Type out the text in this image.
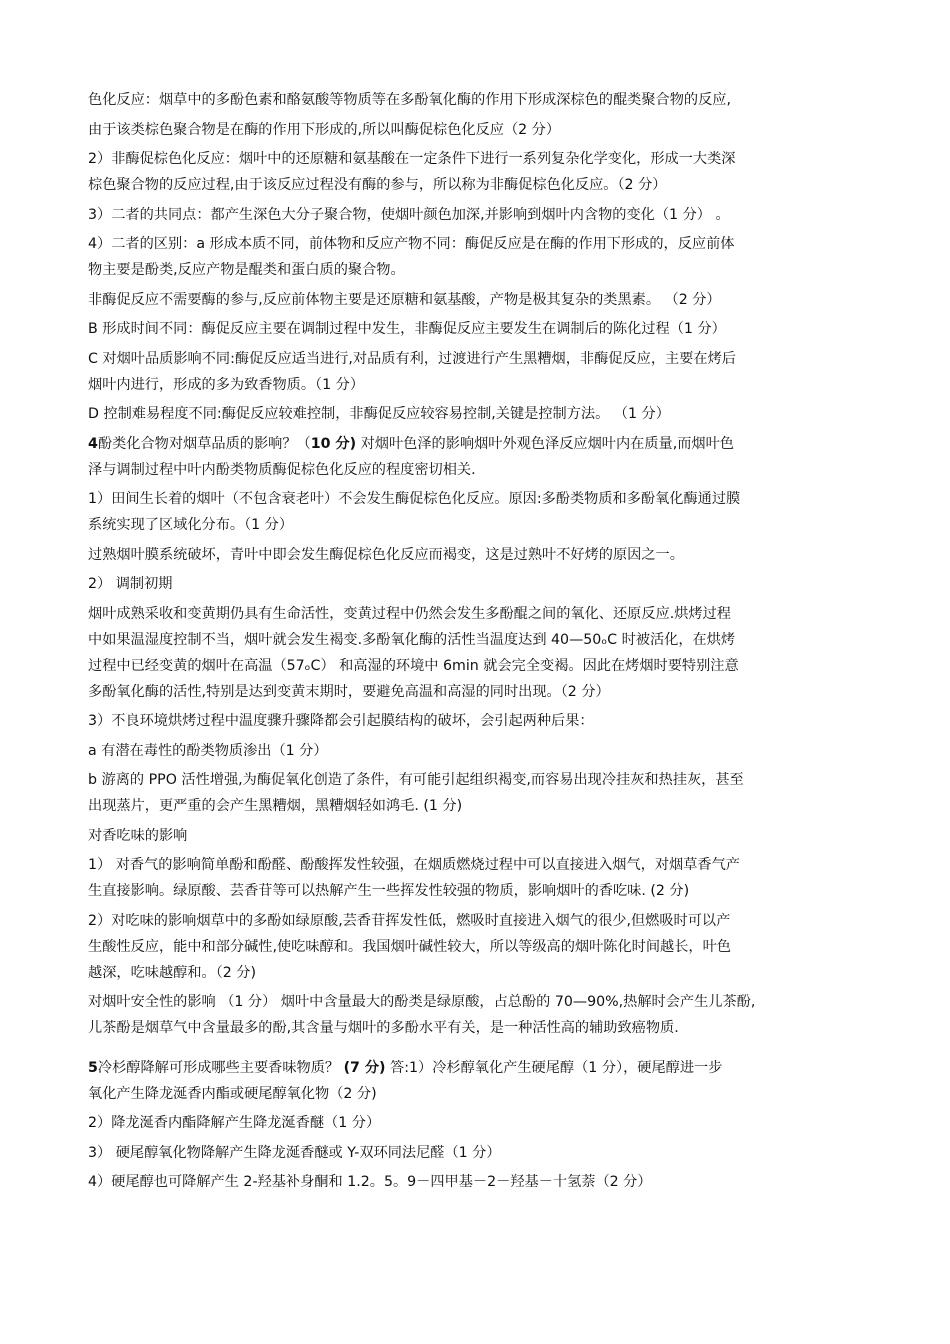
色化反应：烟草中的多酚色素和酪氨酸等物质等在多酚氧化酶的作用下形成深棕色的醌类聚合物的反应,
由于该类棕色聚合物是在酶的作用下形成的,所以叫酶促棕色化反应（2 分）
2）非酶促棕色化反应：烟叶中的还原糖和氨基酸在一定条件下进行一系列复杂化学变化，形成一大类深
棕色聚合物的反应过程,由于该反应过程没有酶的参与，所以称为非酶促棕色化反应。（2 分）
3）二者的共同点：都产生深色大分子聚合物，使烟叶颜色加深,并影响到烟叶内含物的变化（1 分） 。
4）二者的区别：a 形成本质不同，前体物和反应产物不同：酶促反应是在酶的作用下形成的，反应前体
物主要是酚类,反应产物是醌类和蛋白质的聚合物。
非酶促反应不需要酶的参与,反应前体物主要是还原糖和氨基酸，产物是极其复杂的类黑素。 （2 分）
B 形成时间不同：酶促反应主要在调制过程中发生，非酶促反应主要发生在调制后的陈化过程（1 分）
C 对烟叶品质影响不同:酶促反应适当进行,对品质有利，过渡进行产生黑糟烟，非酶促反应，主要在烤后
烟叶内进行，形成的多为致香物质。（1 分）
D 控制难易程度不同:酶促反应较难控制，非酶促反应较容易控制,关键是控制方法。 （1 分）
4酚类化合物对烟草品质的影响？（10 分) 对烟叶色泽的影响烟叶外观色泽反应烟叶内在质量,而烟叶色
泽与调制过程中叶内酚类物质酶促棕色化反应的程度密切相关.
1）田间生长着的烟叶（不包含衰老叶）不会发生酶促棕色化反应。原因:多酚类物质和多酚氧化酶通过膜
系统实现了区域化分布。（1 分）
过熟烟叶膜系统破坏，青叶中即会发生酶促棕色化反应而褐变，这是过熟叶不好烤的原因之一。
2） 调制初期
烟叶成熟采收和变黄期仍具有生命活性，变黄过程中仍然会发生多酚醌之间的氧化、还原反应.烘烤过程
中如果温湿度控制不当，烟叶就会发生褐变.多酚氧化酶的活性当温度达到 40—50ₒC 时被活化，在烘烤
过程中已经变黄的烟叶在高温（57ₒC） 和高湿的环境中 6min 就会完全变褐。因此在烤烟时要特别注意
多酚氧化酶的活性,特别是达到变黄末期时，要避免高温和高湿的同时出现。（2 分）
3）不良环境烘烤过程中温度骤升骤降都会引起膜结构的破坏，会引起两种后果：
a 有潜在毒性的酚类物质渗出（1 分）
b 游离的 PPO 活性增强,为酶促氧化创造了条件，有可能引起组织褐变,而容易出现冷挂灰和热挂灰，甚至
出现蒸片，更严重的会产生黑糟烟，黑糟烟轻如鸿毛. (1 分)
对香吃味的影响
1） 对香气的影响简单酚和酚醛、酚酸挥发性较强，在烟质燃烧过程中可以直接进入烟气，对烟草香气产
生直接影响。绿原酸、芸香苷等可以热解产生一些挥发性较强的物质，影响烟叶的香吃味. (2 分)
2）对吃味的影响烟草中的多酚如绿原酸,芸香苷挥发性低，燃吸时直接进入烟气的很少,但燃吸时可以产
生酸性反应，能中和部分碱性,使吃味醇和。我国烟叶碱性较大，所以等级高的烟叶陈化时间越长，叶色
越深，吃味越醇和。（2 分)
对烟叶安全性的影响 （1 分） 烟叶中含量最大的酚类是绿原酸，占总酚的 70—90%,热解时会产生儿茶酚,
儿茶酚是烟草气中含量最多的酚,其含量与烟叶的多酚水平有关，是一种活性高的辅助致癌物质.
5冷杉醇降解可形成哪些主要香味物质？ (7 分) 答:1）冷杉醇氧化产生硬尾醇（1 分），硬尾醇进一步
氧化产生降龙涎香内酯或硬尾醇氧化物（2 分)
2）降龙涎香内酯降解产生降龙涎香醚（1 分）
3） 硬尾醇氧化物降解产生降龙涎香醚或 Y-双环同法尼醛（1 分）
4）硬尾醇也可降解产生 2-羟基补身酮和 1.2。5。9－四甲基－2－羟基－十氢萘（2 分）
